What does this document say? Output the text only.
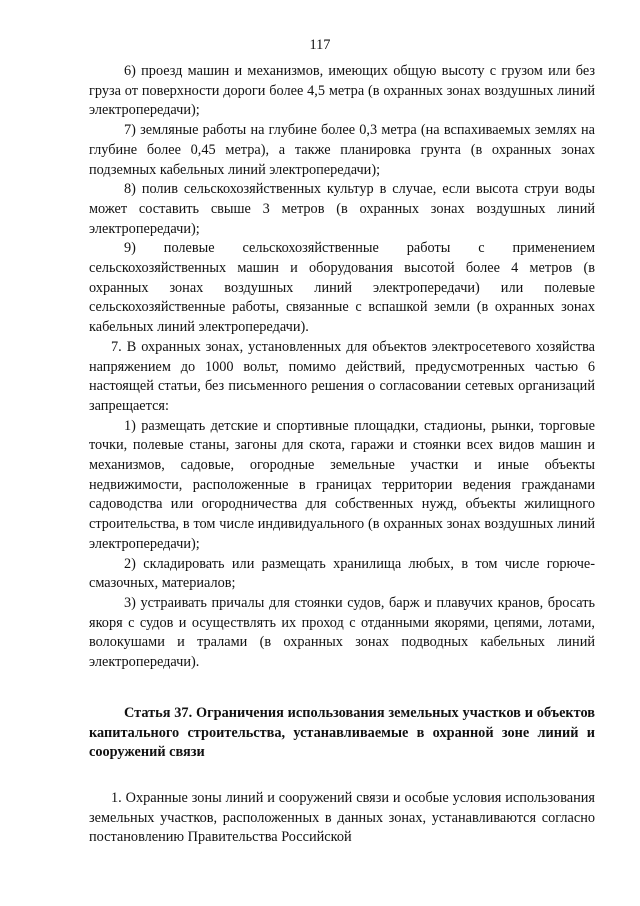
117

6) проезд машин и механизмов, имеющих общую высоту с грузом или без груза от поверхности дороги более 4,5 метра (в охранных зонах воздушных линий электропередачи);

7) земляные работы на глубине более 0,3 метра (на вспахиваемых землях на глубине более 0,45 метра), а также планировка грунта (в охранных зонах подземных кабельных линий электропередачи);

8) полив сельскохозяйственных культур в случае, если высота струи воды может составить свыше 3 метров (в охранных зонах воздушных линий электропередачи);

9) полевые сельскохозяйственные работы с применением сельскохозяйственных машин и оборудования высотой более 4 метров (в охранных зонах воздушных линий электропередачи) или полевые сельскохозяйственные работы, связанные с вспашкой земли (в охранных зонах кабельных линий электропередачи).

7. В охранных зонах, установленных для объектов электросетевого хозяйства напряжением до 1000 вольт, помимо действий, предусмотренных частью 6 настоящей статьи, без письменного решения о согласовании сетевых организаций запрещается:

1) размещать детские и спортивные площадки, стадионы, рынки, торговые точки, полевые станы, загоны для скота, гаражи и стоянки всех видов машин и механизмов, садовые, огородные земельные участки и иные объекты недвижимости, расположенные в границах территории ведения гражданами садоводства или огородничества для собственных нужд, объекты жилищного строительства, в том числе индивидуального (в охранных зонах воздушных линий электропередачи);

2) складировать или размещать хранилища любых, в том числе горюче-смазочных, материалов;

3) устраивать причалы для стоянки судов, барж и плавучих кранов, бросать якоря с судов и осуществлять их проход с отданными якорями, цепями, лотами, волокушами и тралами (в охранных зонах подводных кабельных линий электропередачи).

Статья 37. Ограничения использования земельных участков и объектов капитального строительства, устанавливаемые в охранной зоне линий и сооружений связи

1. Охранные зоны линий и сооружений связи и особые условия использования земельных участков, расположенных в данных зонах, устанавливаются согласно постановлению Правительства Российской
